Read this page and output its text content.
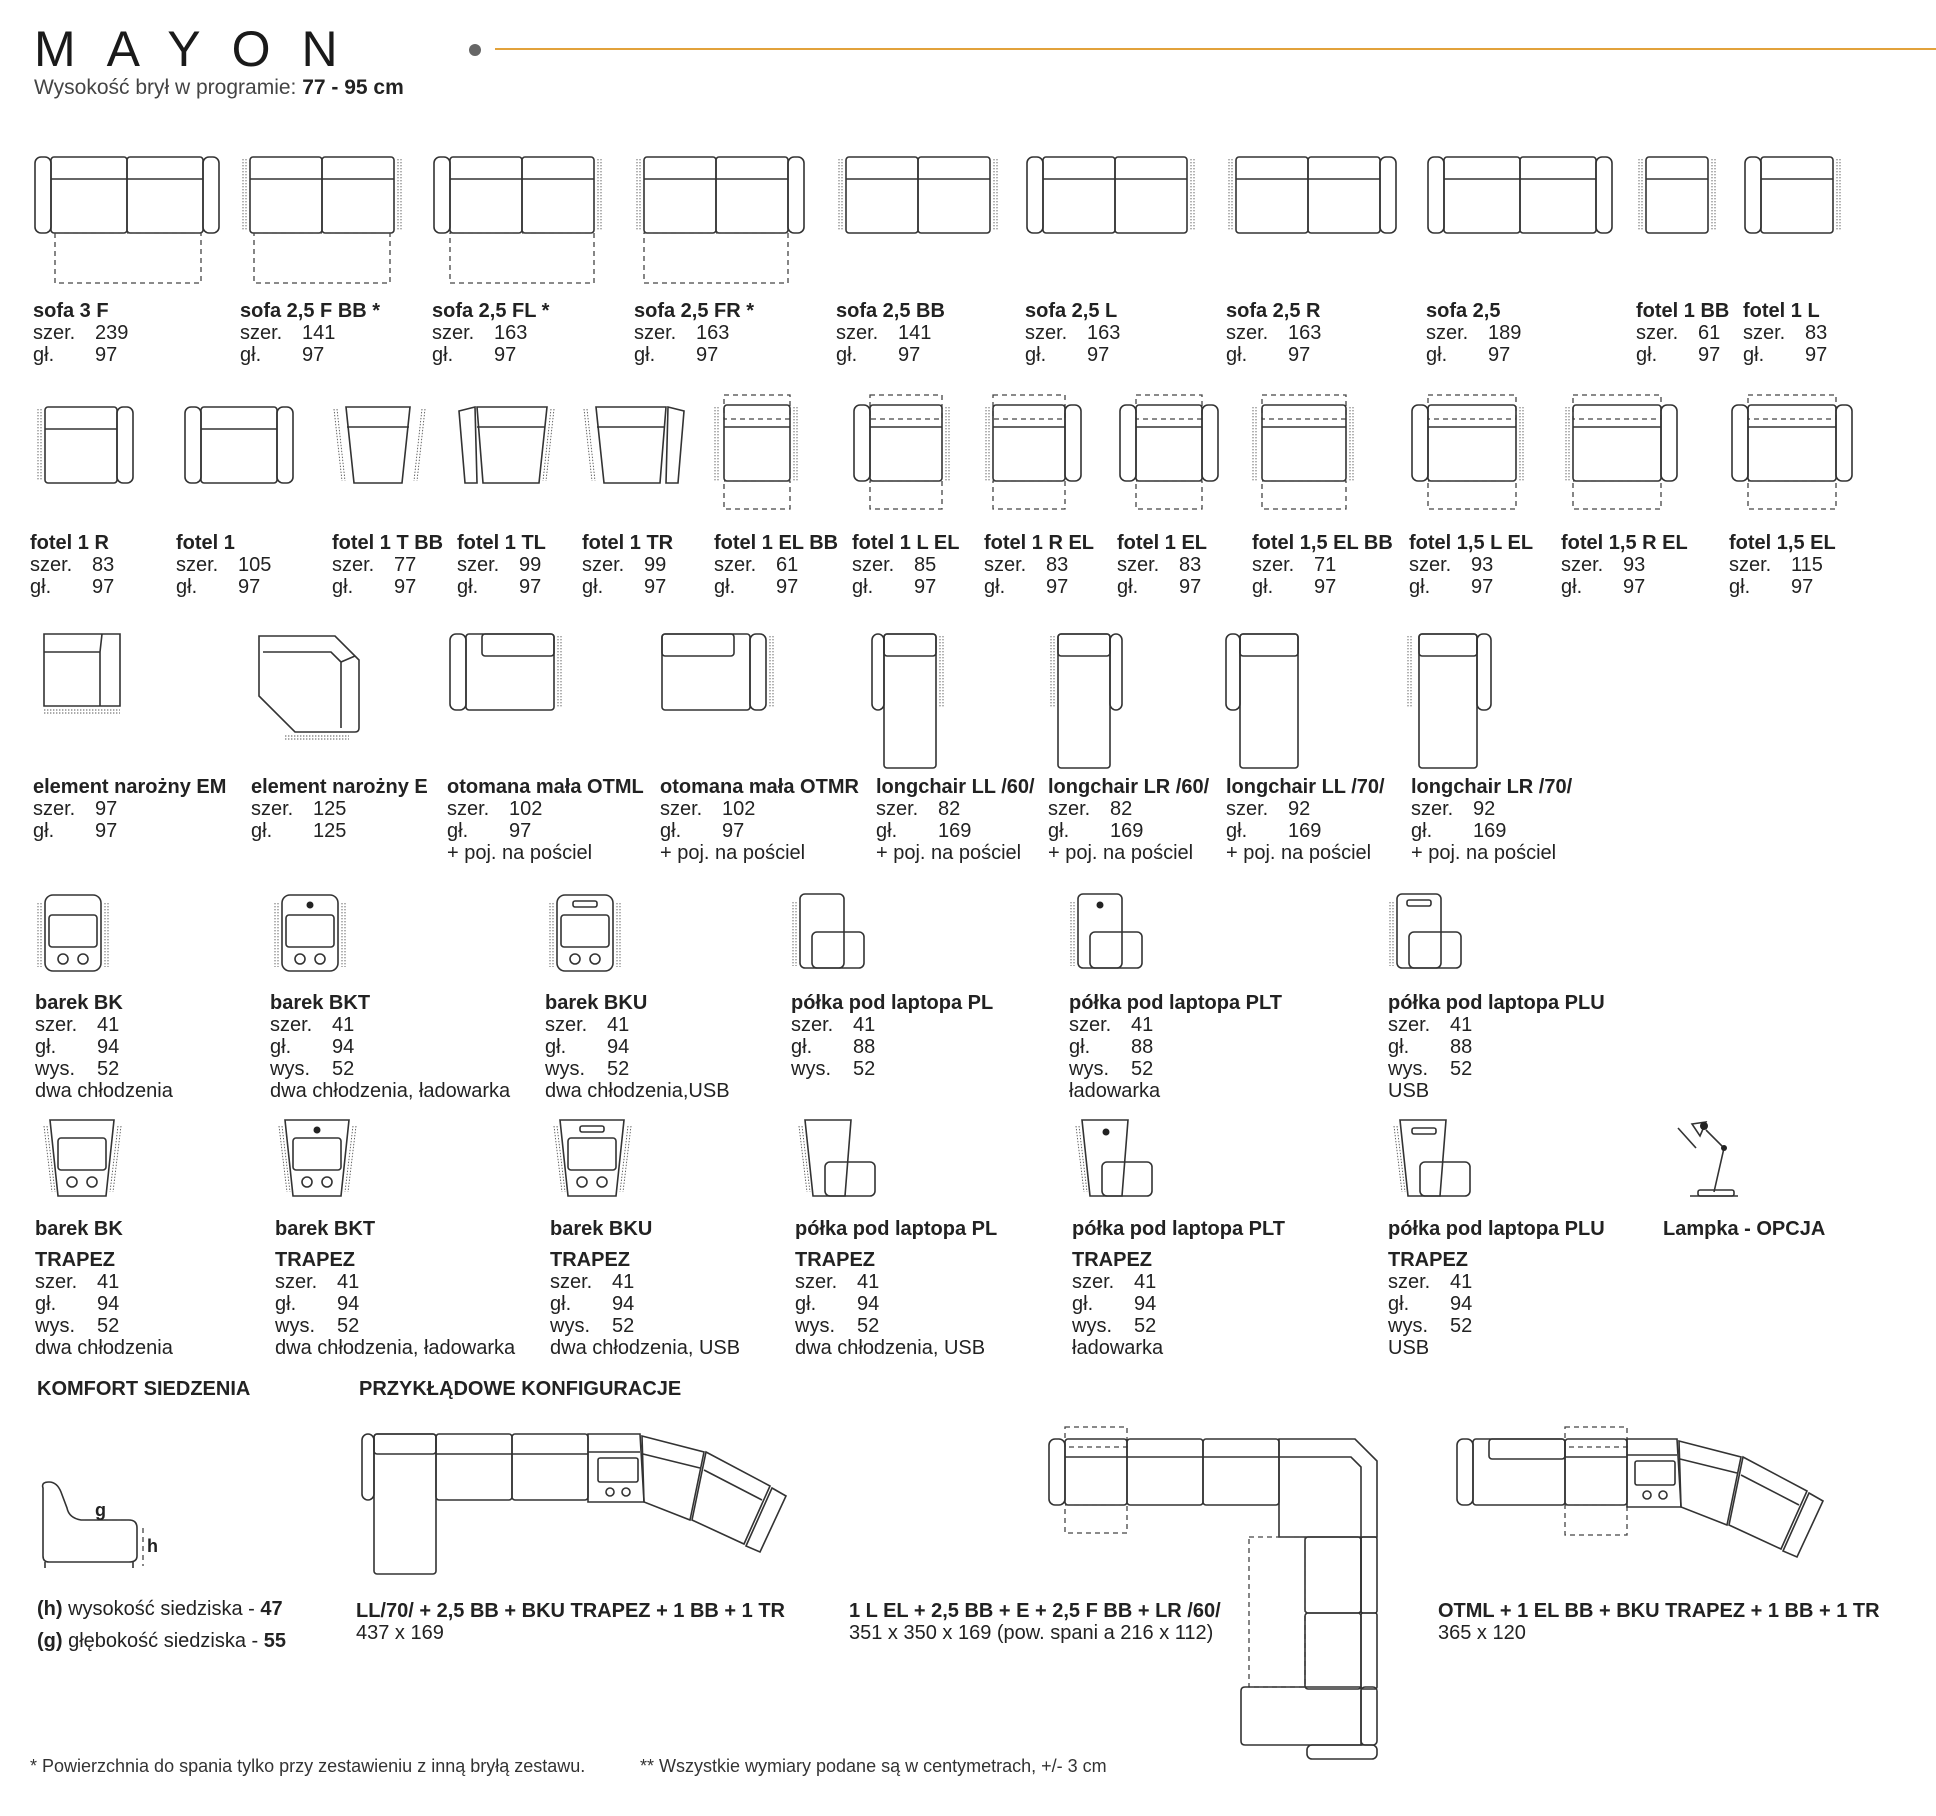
MAYON
Wysokość brył w programie: 77 - 95 cm
sofa 3 F
szer. 239
gł. 97
sofa 2,5 F BB *
szer. 141
gł. 97
sofa 2,5 FL *
szer. 163
gł. 97
sofa 2,5 FR *
szer. 163
gł. 97
sofa 2,5 BB
szer. 141
gł. 97
sofa 2,5 L
szer. 163
gł. 97
sofa 2,5 R
szer. 163
gł. 97
sofa 2,5
szer. 189
gł. 97
fotel 1 BB
szer. 61
gł. 97
fotel 1 L
szer. 83
gł. 97
fotel 1 R
szer. 83
gł. 97
fotel 1
szer. 105
gł. 97
fotel 1 T BB
szer. 77
gł. 97
fotel 1 TL
szer. 99
gł. 97
fotel 1 TR
szer. 99
gł. 97
fotel 1 EL BB
szer. 61
gł. 97
fotel 1 L EL
szer. 85
gł. 97
fotel 1 R EL
szer. 83
gł. 97
fotel 1 EL
szer. 83
gł. 97
fotel 1,5 EL BB
szer. 71
gł. 97
fotel 1,5 L EL
szer. 93
gł. 97
fotel 1,5 R EL
szer. 93
gł. 97
fotel 1,5 EL
szer. 115
gł. 97
element narożny EM
szer. 97
gł. 97
element narożny E
szer. 125
gł. 125
otomana mała OTML
szer. 102
gł. 97
+ poj. na pościel
otomana mała OTMR
szer. 102
gł. 97
+ poj. na pościel
longchair LL /60/
szer. 82
gł. 169
+ poj. na pościel
longchair LR /60/
szer. 82
gł. 169
+ poj. na pościel
longchair LL /70/
szer. 92
gł. 169
+ poj. na pościel
longchair LR /70/
szer. 92
gł. 169
+ poj. na pościel
barek BK
szer. 41
gł. 94
wys. 52
dwa chłodzenia
barek BKT
szer. 41
gł. 94
wys. 52
dwa chłodzenia, ładowarka
barek BKU
szer. 41
gł. 94
wys. 52
dwa chłodzenia,USB
półka pod laptopa PL
szer. 41
gł. 88
wys. 52
półka pod laptopa PLT
szer. 41
gł. 88
wys. 52
ładowarka
półka pod laptopa PLU
szer. 41
gł. 88
wys. 52
USB
barek BK
TRAPEZ
szer. 41
gł. 94
wys. 52
dwa chłodzenia
barek BKT
TRAPEZ
szer. 41
gł. 94
wys. 52
dwa chłodzenia, ładowarka
barek BKU
TRAPEZ
szer. 41
gł. 94
wys. 52
dwa chłodzenia, USB
półka pod laptopa PL
TRAPEZ
szer. 41
gł. 94
wys. 52
dwa chłodzenia, USB
półka pod laptopa PLT
TRAPEZ
szer. 41
gł. 94
wys. 52
ładowarka
półka pod laptopa PLU
TRAPEZ
szer. 41
gł. 94
wys. 52
USB
Lampka - OPCJA
KOMFORT SIEDZENIA
g
h
(h) wysokość siedziska - 47
(g) głębokość siedziska - 55
PRZYKŁĄDOWE KONFIGURACJE
LL/70/ + 2,5 BB + BKU TRAPEZ + 1 BB + 1 TR
437 x 169
1 L EL + 2,5 BB + E + 2,5 F BB + LR /60/
351 x 350 x 169 (pow. spani a 216 x 112)
OTML + 1 EL BB + BKU TRAPEZ + 1 BB + 1 TR
365 x 120
* Powierzchnia do spania tylko przy zestawieniu z inną bryłą zestawu.	** Wszystkie wymiary podane są w centymetrach, +/- 3 cm
